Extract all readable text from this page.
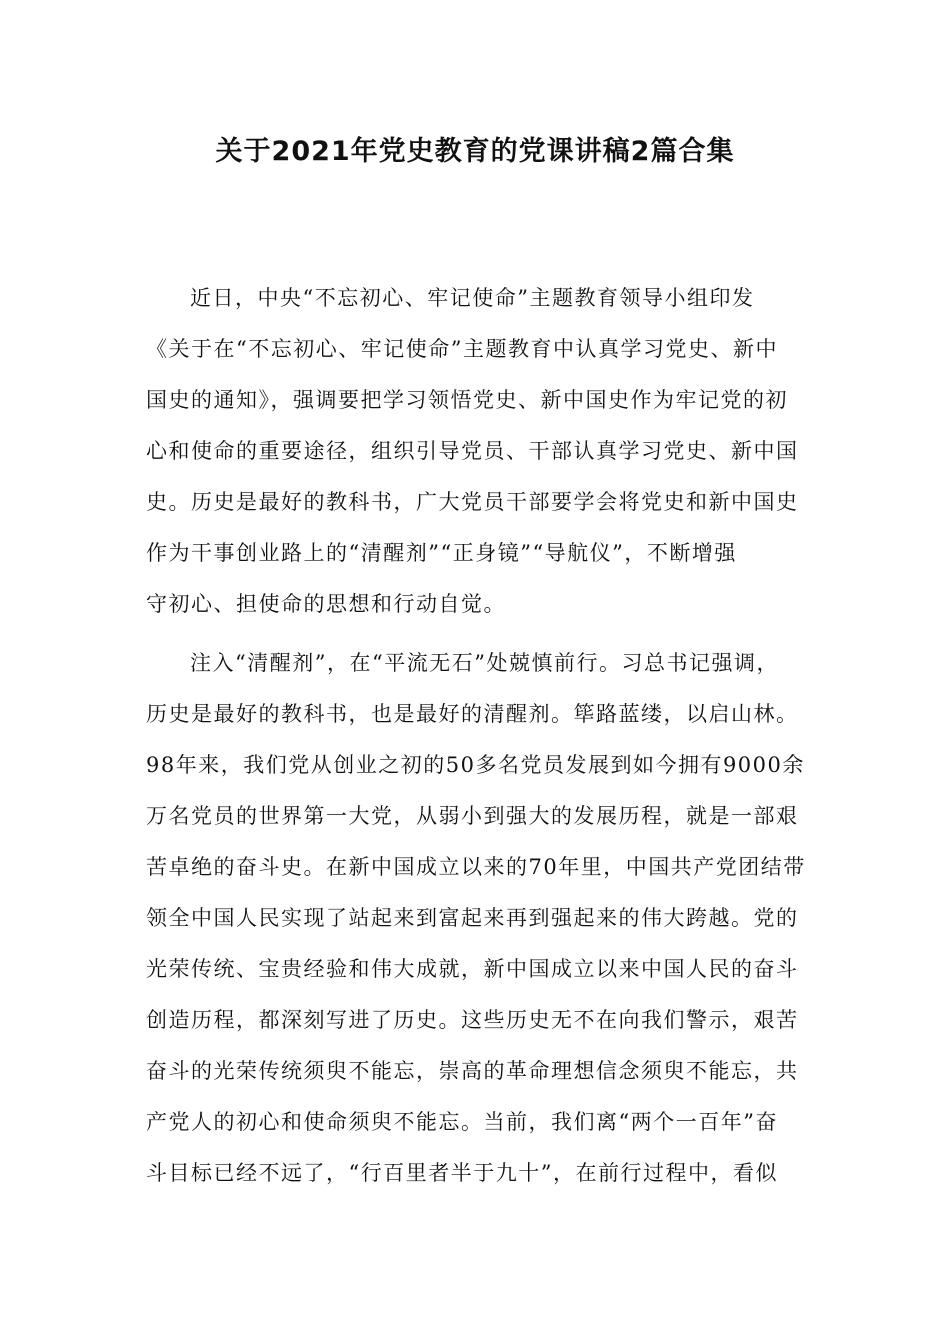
关于2021年党史教育的党课讲稿2篇合集
近日，中央“不忘初心、牢记使命”主题教育领导小组印发
《关于在“不忘初心、牢记使命”主题教育中认真学习党史、新中
国史的通知》，强调要把学习领悟党史、新中国史作为牢记党的初
心和使命的重要途径，组织引导党员、干部认真学习党史、新中国
史。历史是最好的教科书，广大党员干部要学会将党史和新中国史
作为干事创业路上的“清醒剂”“正身镜”“导航仪”，不断增强
守初心、担使命的思想和行动自觉。
注入“清醒剂”，在“平流无石”处兢慎前行。习总书记强调，
历史是最好的教科书，也是最好的清醒剂。筚路蓝缕，以启山林。
98年来，我们党从创业之初的50多名党员发展到如今拥有9000余
万名党员的世界第一大党，从弱小到强大的发展历程，就是一部艰
苦卓绝的奋斗史。在新中国成立以来的70年里，中国共产党团结带
领全中国人民实现了站起来到富起来再到强起来的伟大跨越。党的
光荣传统、宝贵经验和伟大成就，新中国成立以来中国人民的奋斗
创造历程，都深刻写进了历史。这些历史无不在向我们警示，艰苦
奋斗的光荣传统须臾不能忘，崇高的革命理想信念须臾不能忘，共
产党人的初心和使命须臾不能忘。当前，我们离“两个一百年”奋
斗目标已经不远了，“行百里者半于九十”，在前行过程中，看似
